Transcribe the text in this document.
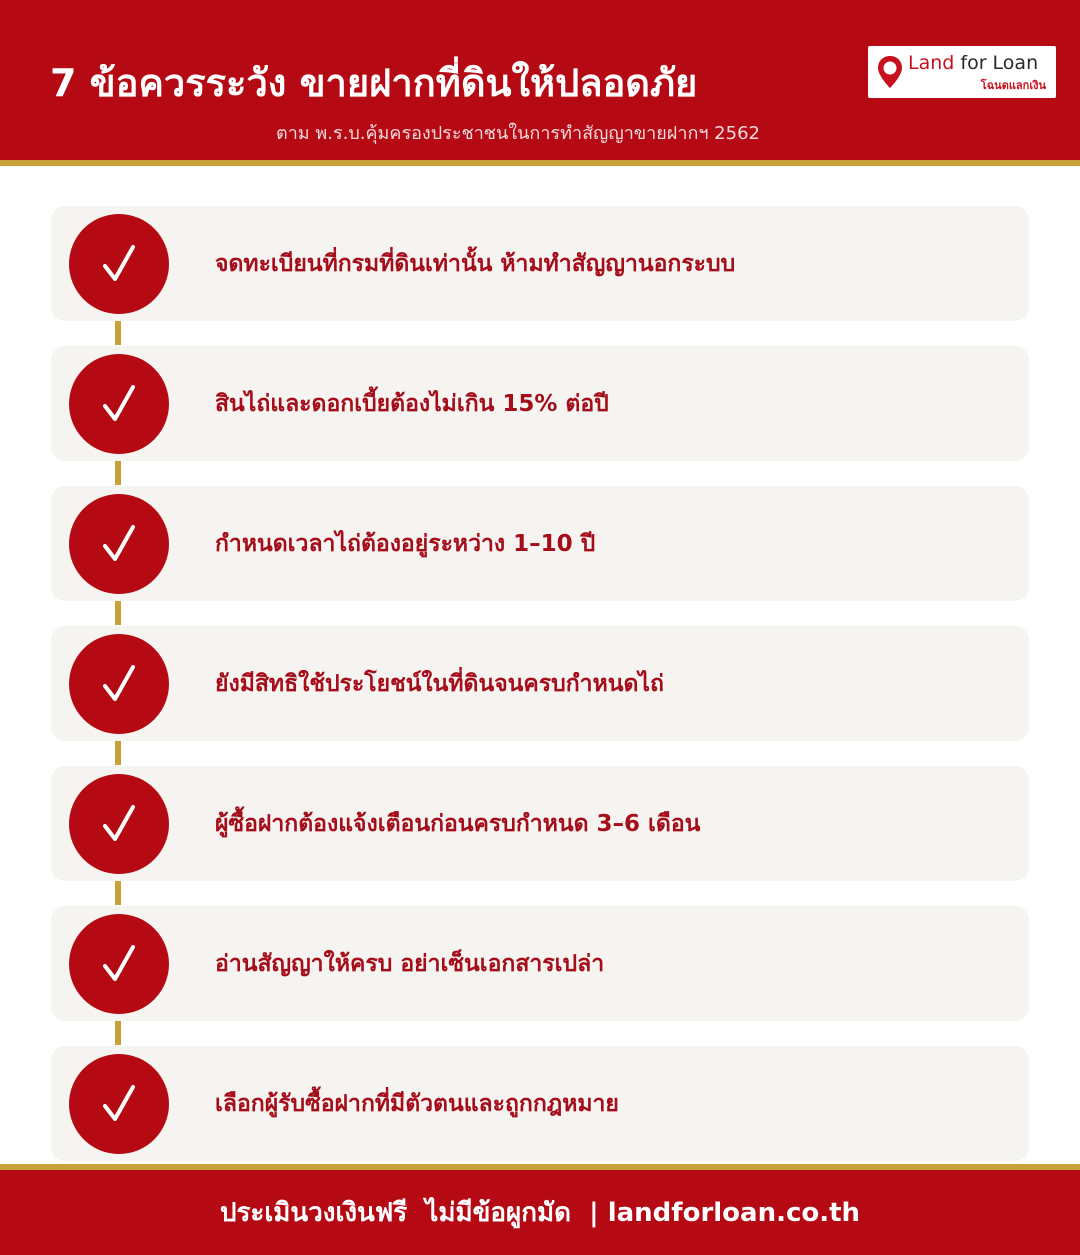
7 ข้อควรระวัง ขายฝากที่ดินให้ปลอดภัย
ตาม พ.ร.บ.คุ้มครองประชาชนในการทำสัญญาขายฝากฯ 2562
Land for Loan
โฉนดแลกเงิน
จดทะเบียนที่กรมที่ดินเท่านั้น ห้ามทำสัญญานอกระบบ
สินไถ่และดอกเบี้ยต้องไม่เกิน 15% ต่อปี
กำหนดเวลาไถ่ต้องอยู่ระหว่าง 1–10 ปี
ยังมีสิทธิใช้ประโยชน์ในที่ดินจนครบกำหนดไถ่
ผู้ซื้อฝากต้องแจ้งเตือนก่อนครบกำหนด 3–6 เดือน
อ่านสัญญาให้ครบ อย่าเซ็นเอกสารเปล่า
เลือกผู้รับซื้อฝากที่มีตัวตนและถูกกฎหมาย
ประเมินวงเงินฟรี  ไม่มีข้อผูกมัด  | landforloan.co.th
